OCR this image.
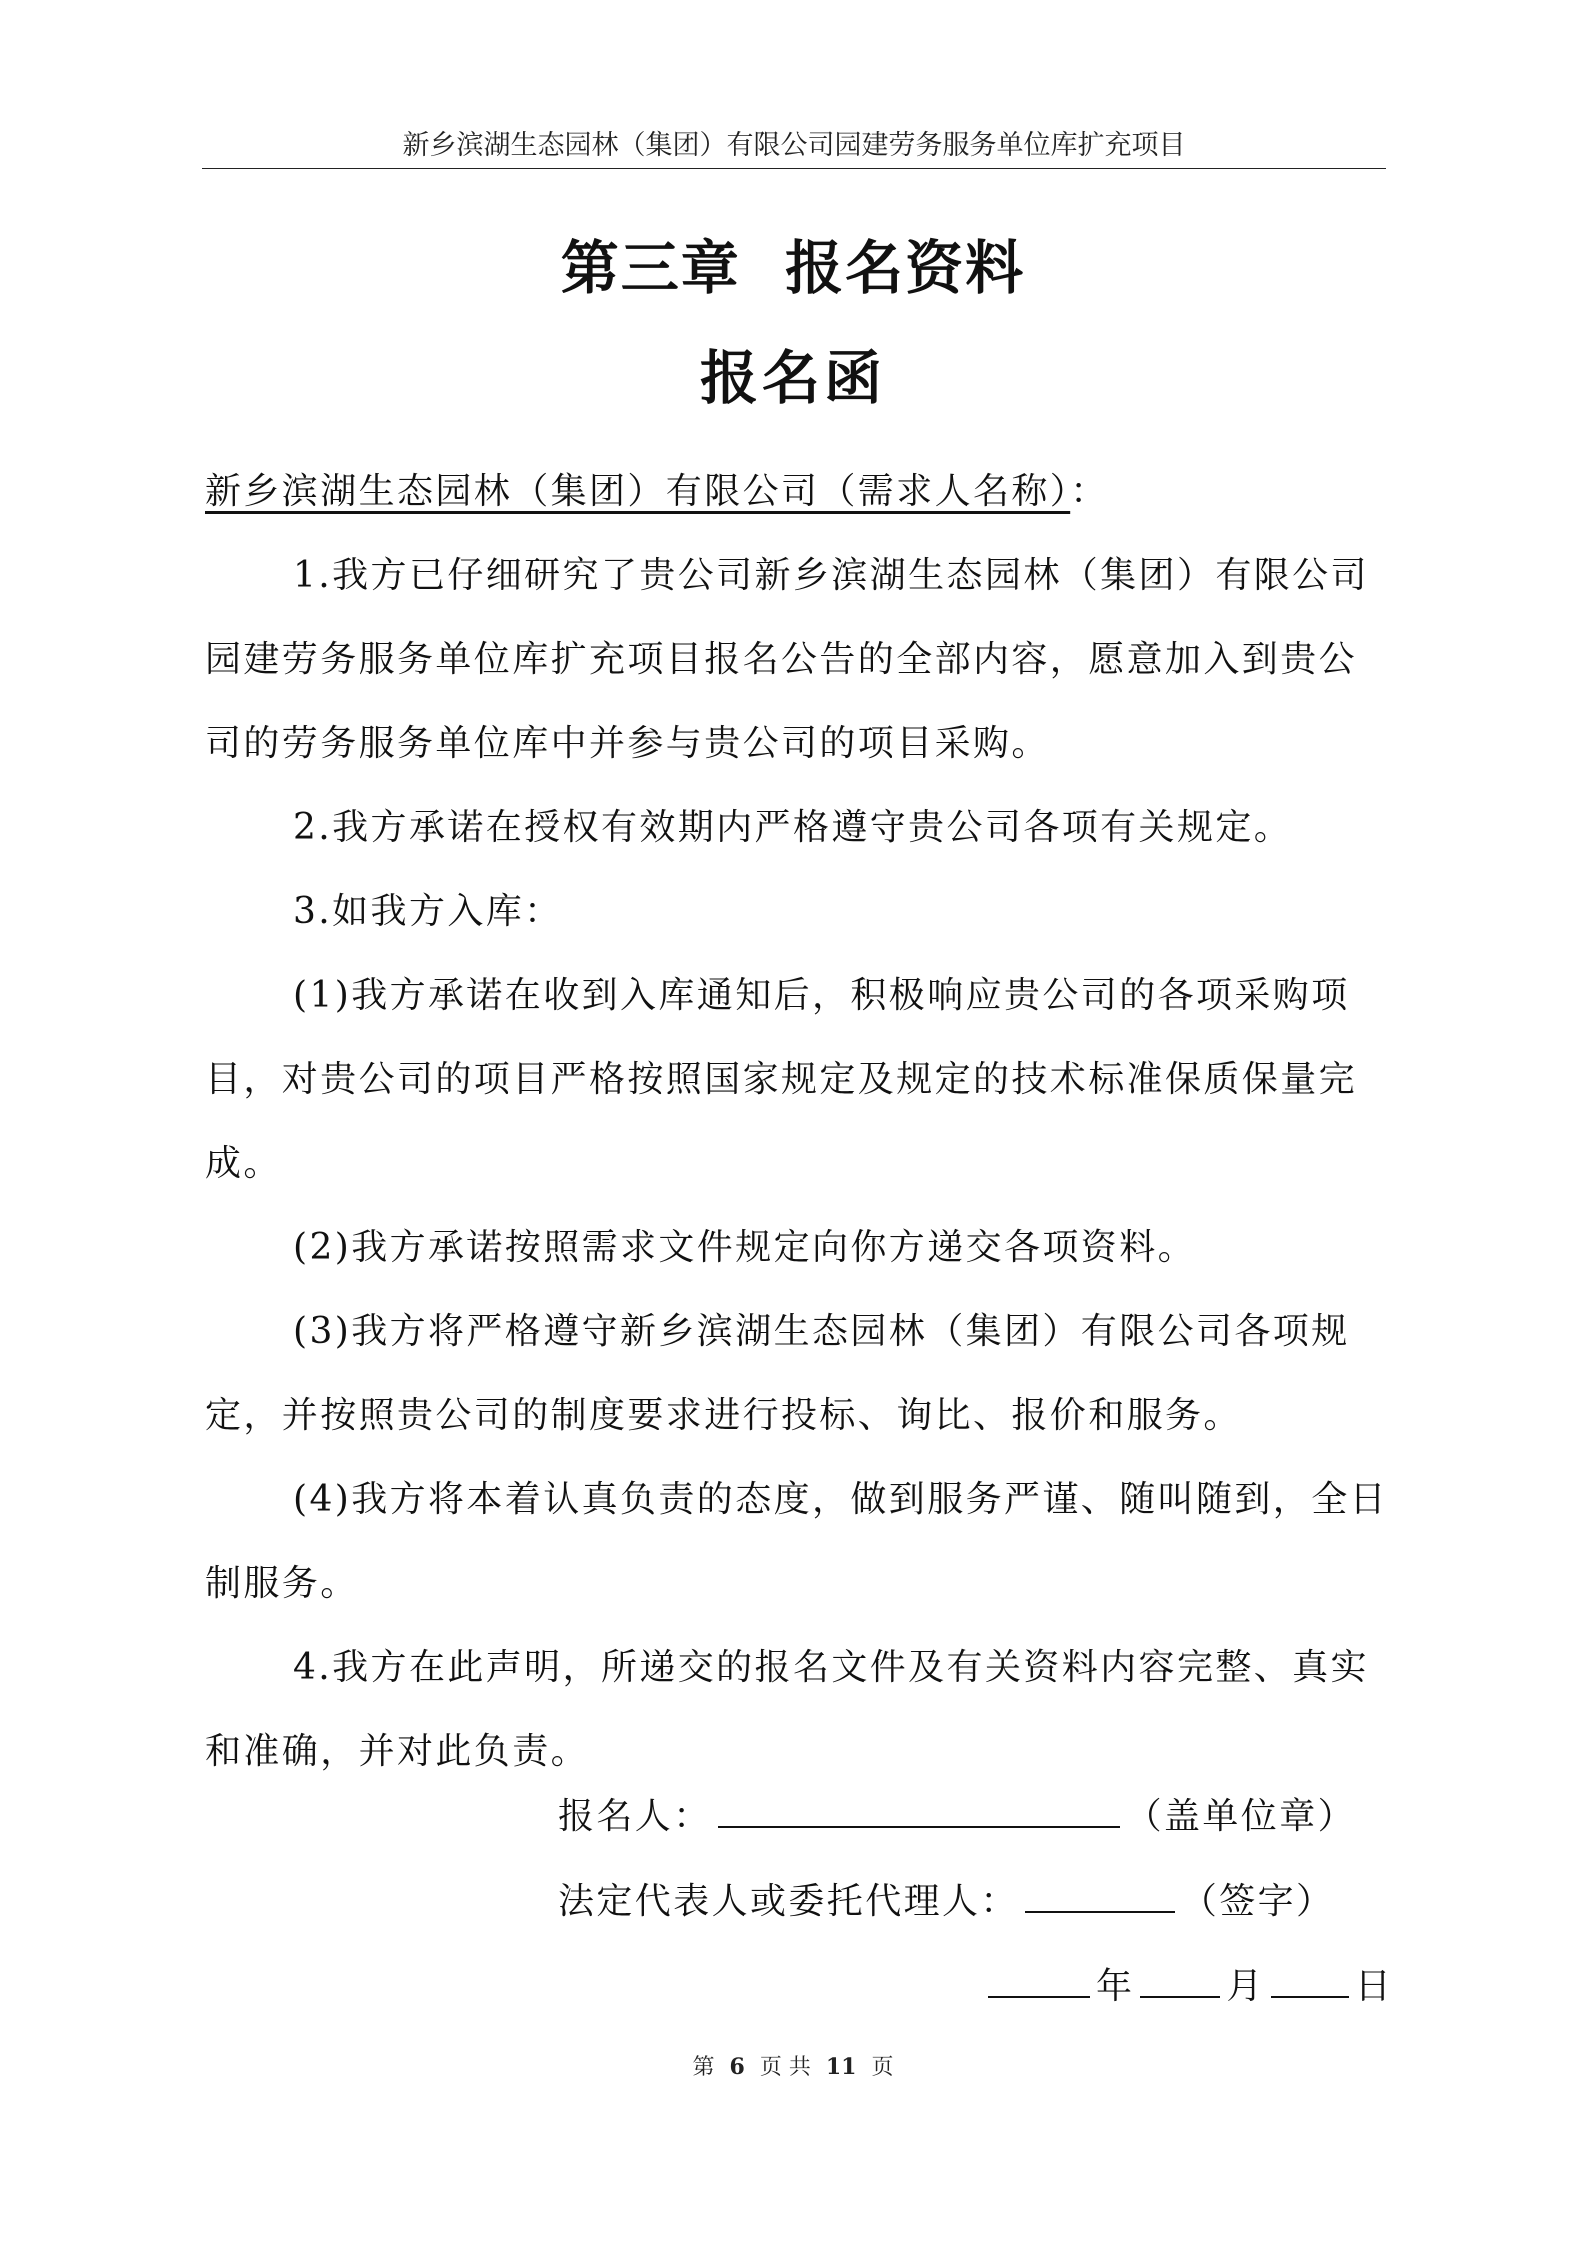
新乡滨湖生态园林（集团）有限公司园建劳务服务单位库扩充项目
第三章  报名资料
报名函

新乡滨湖生态园林（集团）有限公司（需求人名称）：

1.我方已仔细研究了贵公司新乡滨湖生态园林（集团）有限公司园建劳务服务单位库扩充项目报名公告的全部内容，愿意加入到贵公司的劳务服务单位库中并参与贵公司的项目采购。

2.我方承诺在授权有效期内严格遵守贵公司各项有关规定。

3.如我方入库：

(1)我方承诺在收到入库通知后，积极响应贵公司的各项采购项目，对贵公司的项目严格按照国家规定及规定的技术标准保质保量完成。

(2)我方承诺按照需求文件规定向你方递交各项资料。

(3)我方将严格遵守新乡滨湖生态园林（集团）有限公司各项规定，并按照贵公司的制度要求进行投标、询比、报价和服务。

(4)我方将本着认真负责的态度，做到服务严谨、随叫随到，全日制服务。

4.我方在此声明，所递交的报名文件及有关资料内容完整、真实和准确，并对此负责。

报名人：	（盖单位章）
法定代表人或委托代理人：	（签字）
年	月	日
第 6 页 共 11 页
